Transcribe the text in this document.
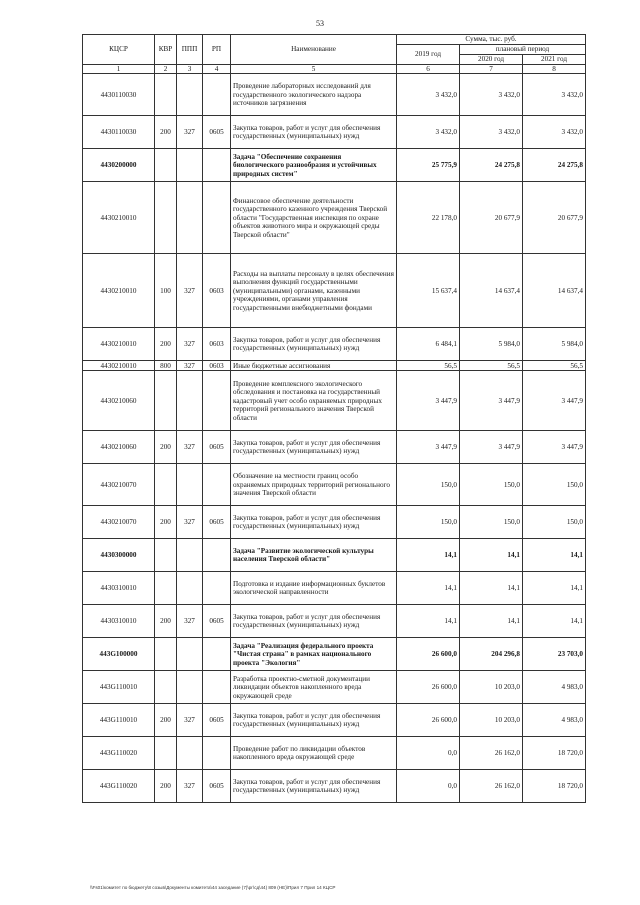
53
КЦСР	КВР	ППП	РП	Наименование	Сумма, тыс. руб.		
					2019 год	плановый период	
						2020 год	2021 год
1	2	3	4	5	6	7	8
4430110030				Проведение лабораторных исследований для государственного экологического надзора источников загрязнения	3 432,0	3 432,0	3 432,0
4430110030	200	327	0605	Закупка товаров, работ и услуг для обеспечения государственных (муниципальных) нужд	3 432,0	3 432,0	3 432,0
4430200000				Задача "Обеспечение сохранения биологического разнообразия и устойчивых природных систем"	25 775,9	24 275,8	24 275,8
4430210010				Финансовое обеспечение деятельности государственного казенного учреждения Тверской области "Государственная инспекция по охране объектов животного мира и окружающей среды Тверской области"	22 178,0	20 677,9	20 677,9
4430210010	100	327	0603	Расходы на выплаты персоналу в целях обеспечения выполнения функций государственными (муниципальными) органами, казенными учреждениями, органами управления государственными внебюджетными фондами	15 637,4	14 637,4	14 637,4
4430210010	200	327	0603	Закупка товаров, работ и услуг для обеспечения государственных (муниципальных) нужд	6 484,1	5 984,0	5 984,0
4430210010	800	327	0603	Иные бюджетные ассигнования	56,5	56,5	56,5
4430210060				Проведение комплексного экологического обследования и постановка на государственный кадастровый учет особо охраняемых природных территорий регионального значения Тверской области	3 447,9	3 447,9	3 447,9
4430210060	200	327	0605	Закупка товаров, работ и услуг для обеспечения государственных (муниципальных) нужд	3 447,9	3 447,9	3 447,9
4430210070				Обозначение на местности границ особо охраняемых природных территорий регионального значения Тверской области	150,0	150,0	150,0
4430210070	200	327	0605	Закупка товаров, работ и услуг для обеспечения государственных (муниципальных) нужд	150,0	150,0	150,0
4430300000				Задача "Развитие экологической культуры населения Тверской области"	14,1	14,1	14,1
4430310010				Подготовка и издание информационных буклетов экологической направленности	14,1	14,1	14,1
4430310010	200	327	0605	Закупка товаров, работ и услуг для обеспечения государственных (муниципальных) нужд	14,1	14,1	14,1
443G100000				Задача "Реализация федерального проекта "Чистая страна" в рамках национального проекта "Экология"	26 600,0	204 296,8	23 703,0
443G110010				Разработка проектно-сметной документации ликвидации объектов накопленного вреда окружающей среде	26 600,0	10 203,0	4 983,0
443G110010	200	327	0605	Закупка товаров, работ и услуг для обеспечения государственных (муниципальных) нужд	26 600,0	10 203,0	4 983,0
443G110020				Проведение работ по ликвидации объектов накопленного вреда окружающей среде	0,0	26 162,0	18 720,0
443G110020	200	327	0605	Закупка товаров, работ и услуг для обеспечения государственных (муниципальных) нужд	0,0	26 162,0	18 720,0
\\Fs01\комитет по бюджету\8 созыв\Документы комитета\44 заседание (7)\рг\сд\44) 809 (НЕ)\Прил 7 Прил 14 КЦСР
